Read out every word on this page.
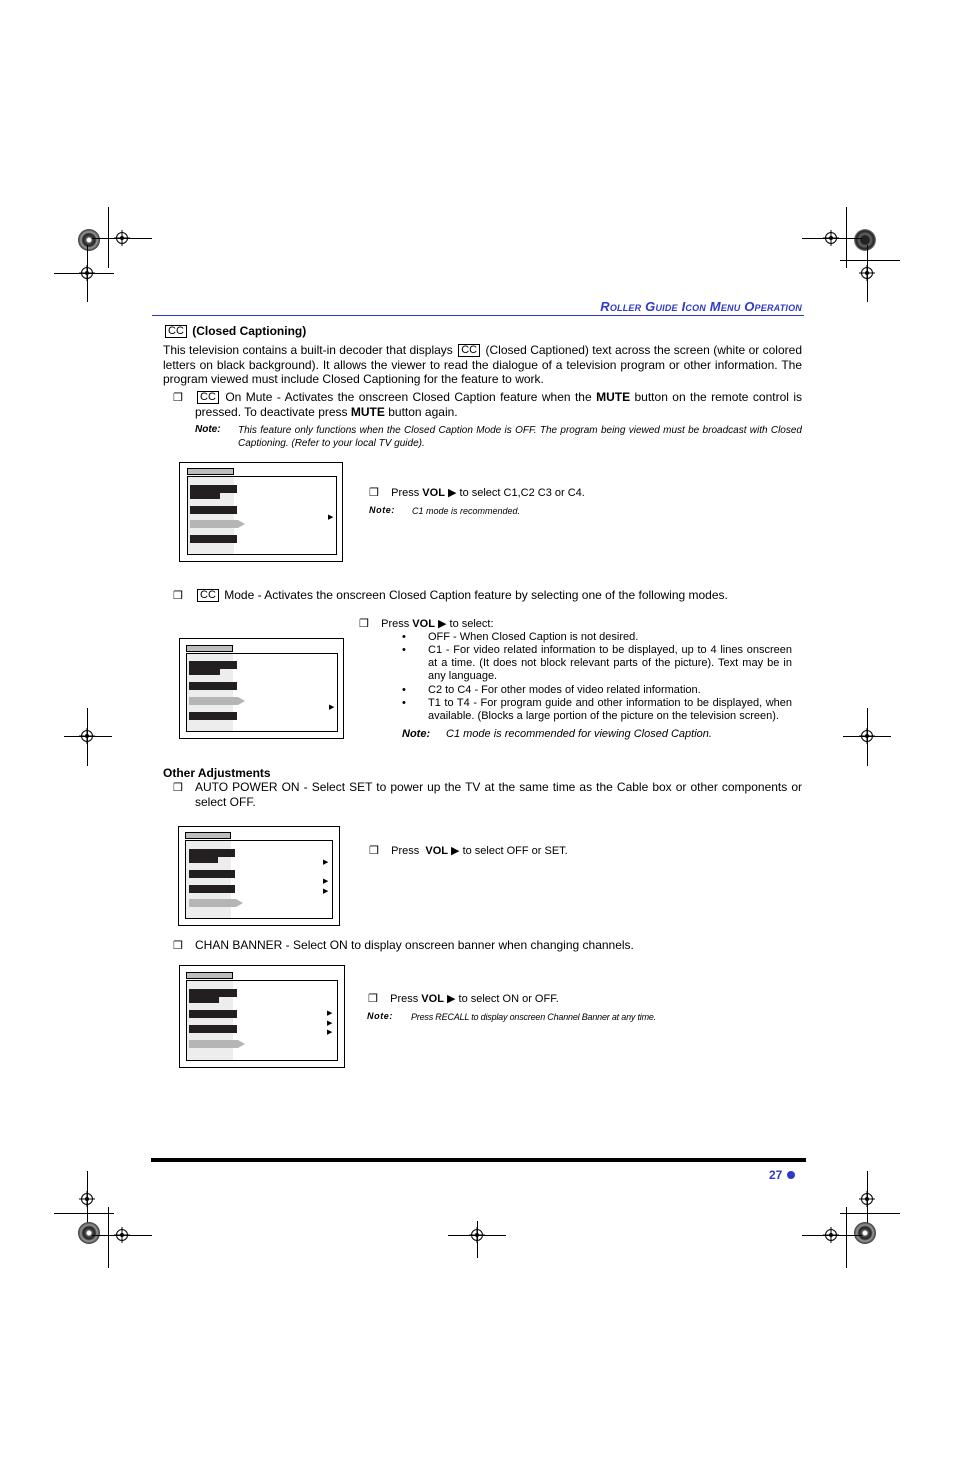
Roller Guide Icon Menu Operation
CC (Closed Captioning)
This television contains a built-in decoder that displays CC (Closed Captioned) text across the screen (white or colored letters on black background). It allows the viewer to read the dialogue of a television program or other information. The program viewed must include Closed Captioning for the feature to work.
❒	CC On Mute - Activates the onscreen Closed Caption feature when the MUTE button on the remote control is pressed. To deactivate press MUTE button again.
Note: This feature only functions when the Closed Caption Mode is OFF. The program being viewed must be broadcast with Closed Captioning. (Refer to your local TV guide).
▶
❒ Press VOL ▶ to select C1,C2 C3 or C4.
Note: C1 mode is recommended.
❒	CC Mode - Activates the onscreen Closed Caption feature by selecting one of the following modes.
▶
❒ Press VOL ▶ to select:
• OFF - When Closed Caption is not desired.
• C1 - For video related information to be displayed, up to 4 lines onscreen at a time. (It does not block relevant parts of the picture). Text may be in any language.
• C2 to C4 - For other modes of video related information.
• T1 to T4 - For program guide and other information to be displayed, when available. (Blocks a large portion of the picture on the television screen).
Note: C1 mode is recommended for viewing Closed Caption.
Other Adjustments
❒ AUTO POWER ON - Select SET to power up the TV at the same time as the Cable box or other components or select OFF.
▶
▶
▶
❒ Press VOL ▶ to select OFF or SET.
❒ CHAN BANNER - Select ON to display onscreen banner when changing channels.
▶
▶
▶
❒ Press VOL ▶ to select ON or OFF.
Note: Press RECALL to display onscreen Channel Banner at any time.
27
